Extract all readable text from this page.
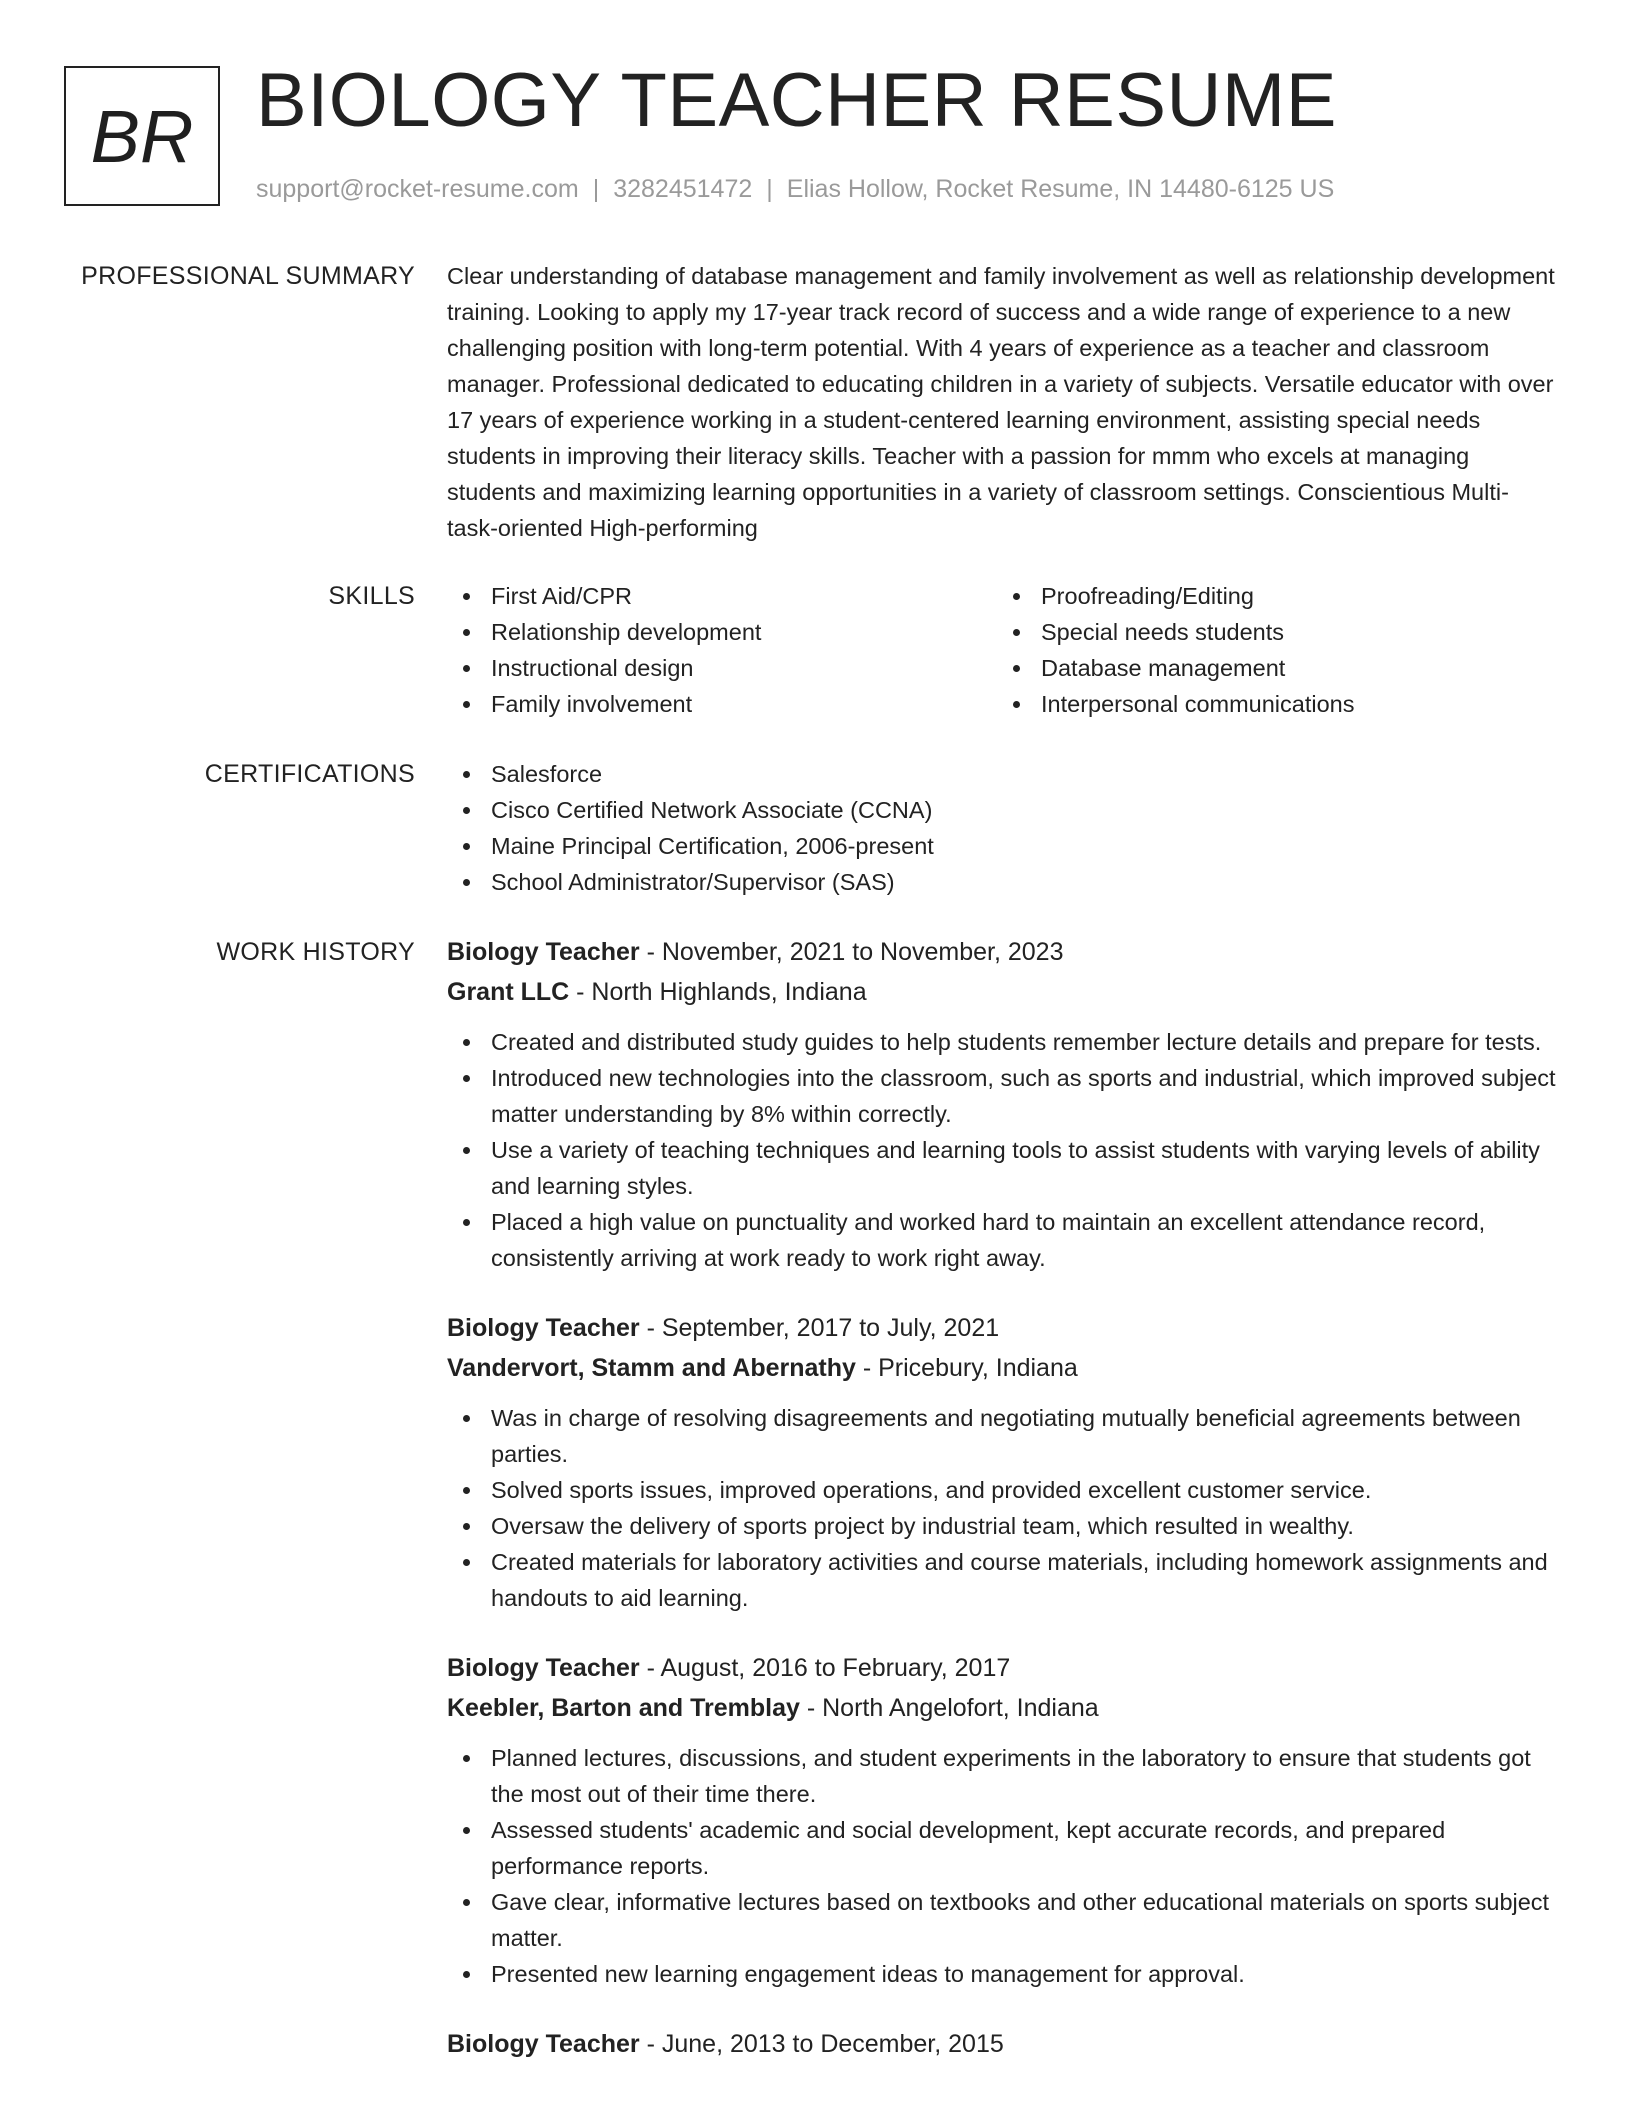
BR BIOLOGY TEACHER RESUME
support@rocket-resume.com | 3282451472 | Elias Hollow, Rocket Resume, IN 14480-6125 US
PROFESSIONAL SUMMARY Clear understanding of database management and family involvement as well as relationship development training. Looking to apply my 17-year track record of success and a wide range of experience to a new challenging position with long-term potential. With 4 years of experience as a teacher and classroom manager. Professional dedicated to educating children in a variety of subjects. Versatile educator with over 17 years of experience working in a student-centered learning environment, assisting special needs students in improving their literacy skills. Teacher with a passion for mmm who excels at managing students and maximizing learning opportunities in a variety of classroom settings. Conscientious Multi-task-oriented High-performing

SKILLS	First Aid/CPR
Relationship development
Instructional design
Family involvement
Proofreading/Editing
Special needs students
Database management
Interpersonal communications
CERTIFICATIONS	Salesforce
Cisco Certified Network Associate (CCNA)
Maine Principal Certification, 2006-present
School Administrator/Supervisor (SAS)
WORK HISTORY Biology Teacher - November, 2021 to November, 2023
Grant LLC - North Highlands, Indiana
Created and distributed study guides to help students remember lecture details and prepare for tests.
Introduced new technologies into the classroom, such as sports and industrial, which improved subject matter understanding by 8% within correctly.
Use a variety of teaching techniques and learning tools to assist students with varying levels of ability and learning styles.
Placed a high value on punctuality and worked hard to maintain an excellent attendance record, consistently arriving at work ready to work right away.
Biology Teacher - September, 2017 to July, 2021
Vandervort, Stamm and Abernathy - Pricebury, Indiana
Was in charge of resolving disagreements and negotiating mutually beneficial agreements between parties.
Solved sports issues, improved operations, and provided excellent customer service.
Oversaw the delivery of sports project by industrial team, which resulted in wealthy.
Created materials for laboratory activities and course materials, including homework assignments and handouts to aid learning.
Biology Teacher - August, 2016 to February, 2017
Keebler, Barton and Tremblay - North Angelofort, Indiana
Planned lectures, discussions, and student experiments in the laboratory to ensure that students got the most out of their time there.
Assessed students' academic and social development, kept accurate records, and prepared performance reports.
Gave clear, informative lectures based on textbooks and other educational materials on sports subject matter.
Presented new learning engagement ideas to management for approval.
Biology Teacher - June, 2013 to December, 2015
